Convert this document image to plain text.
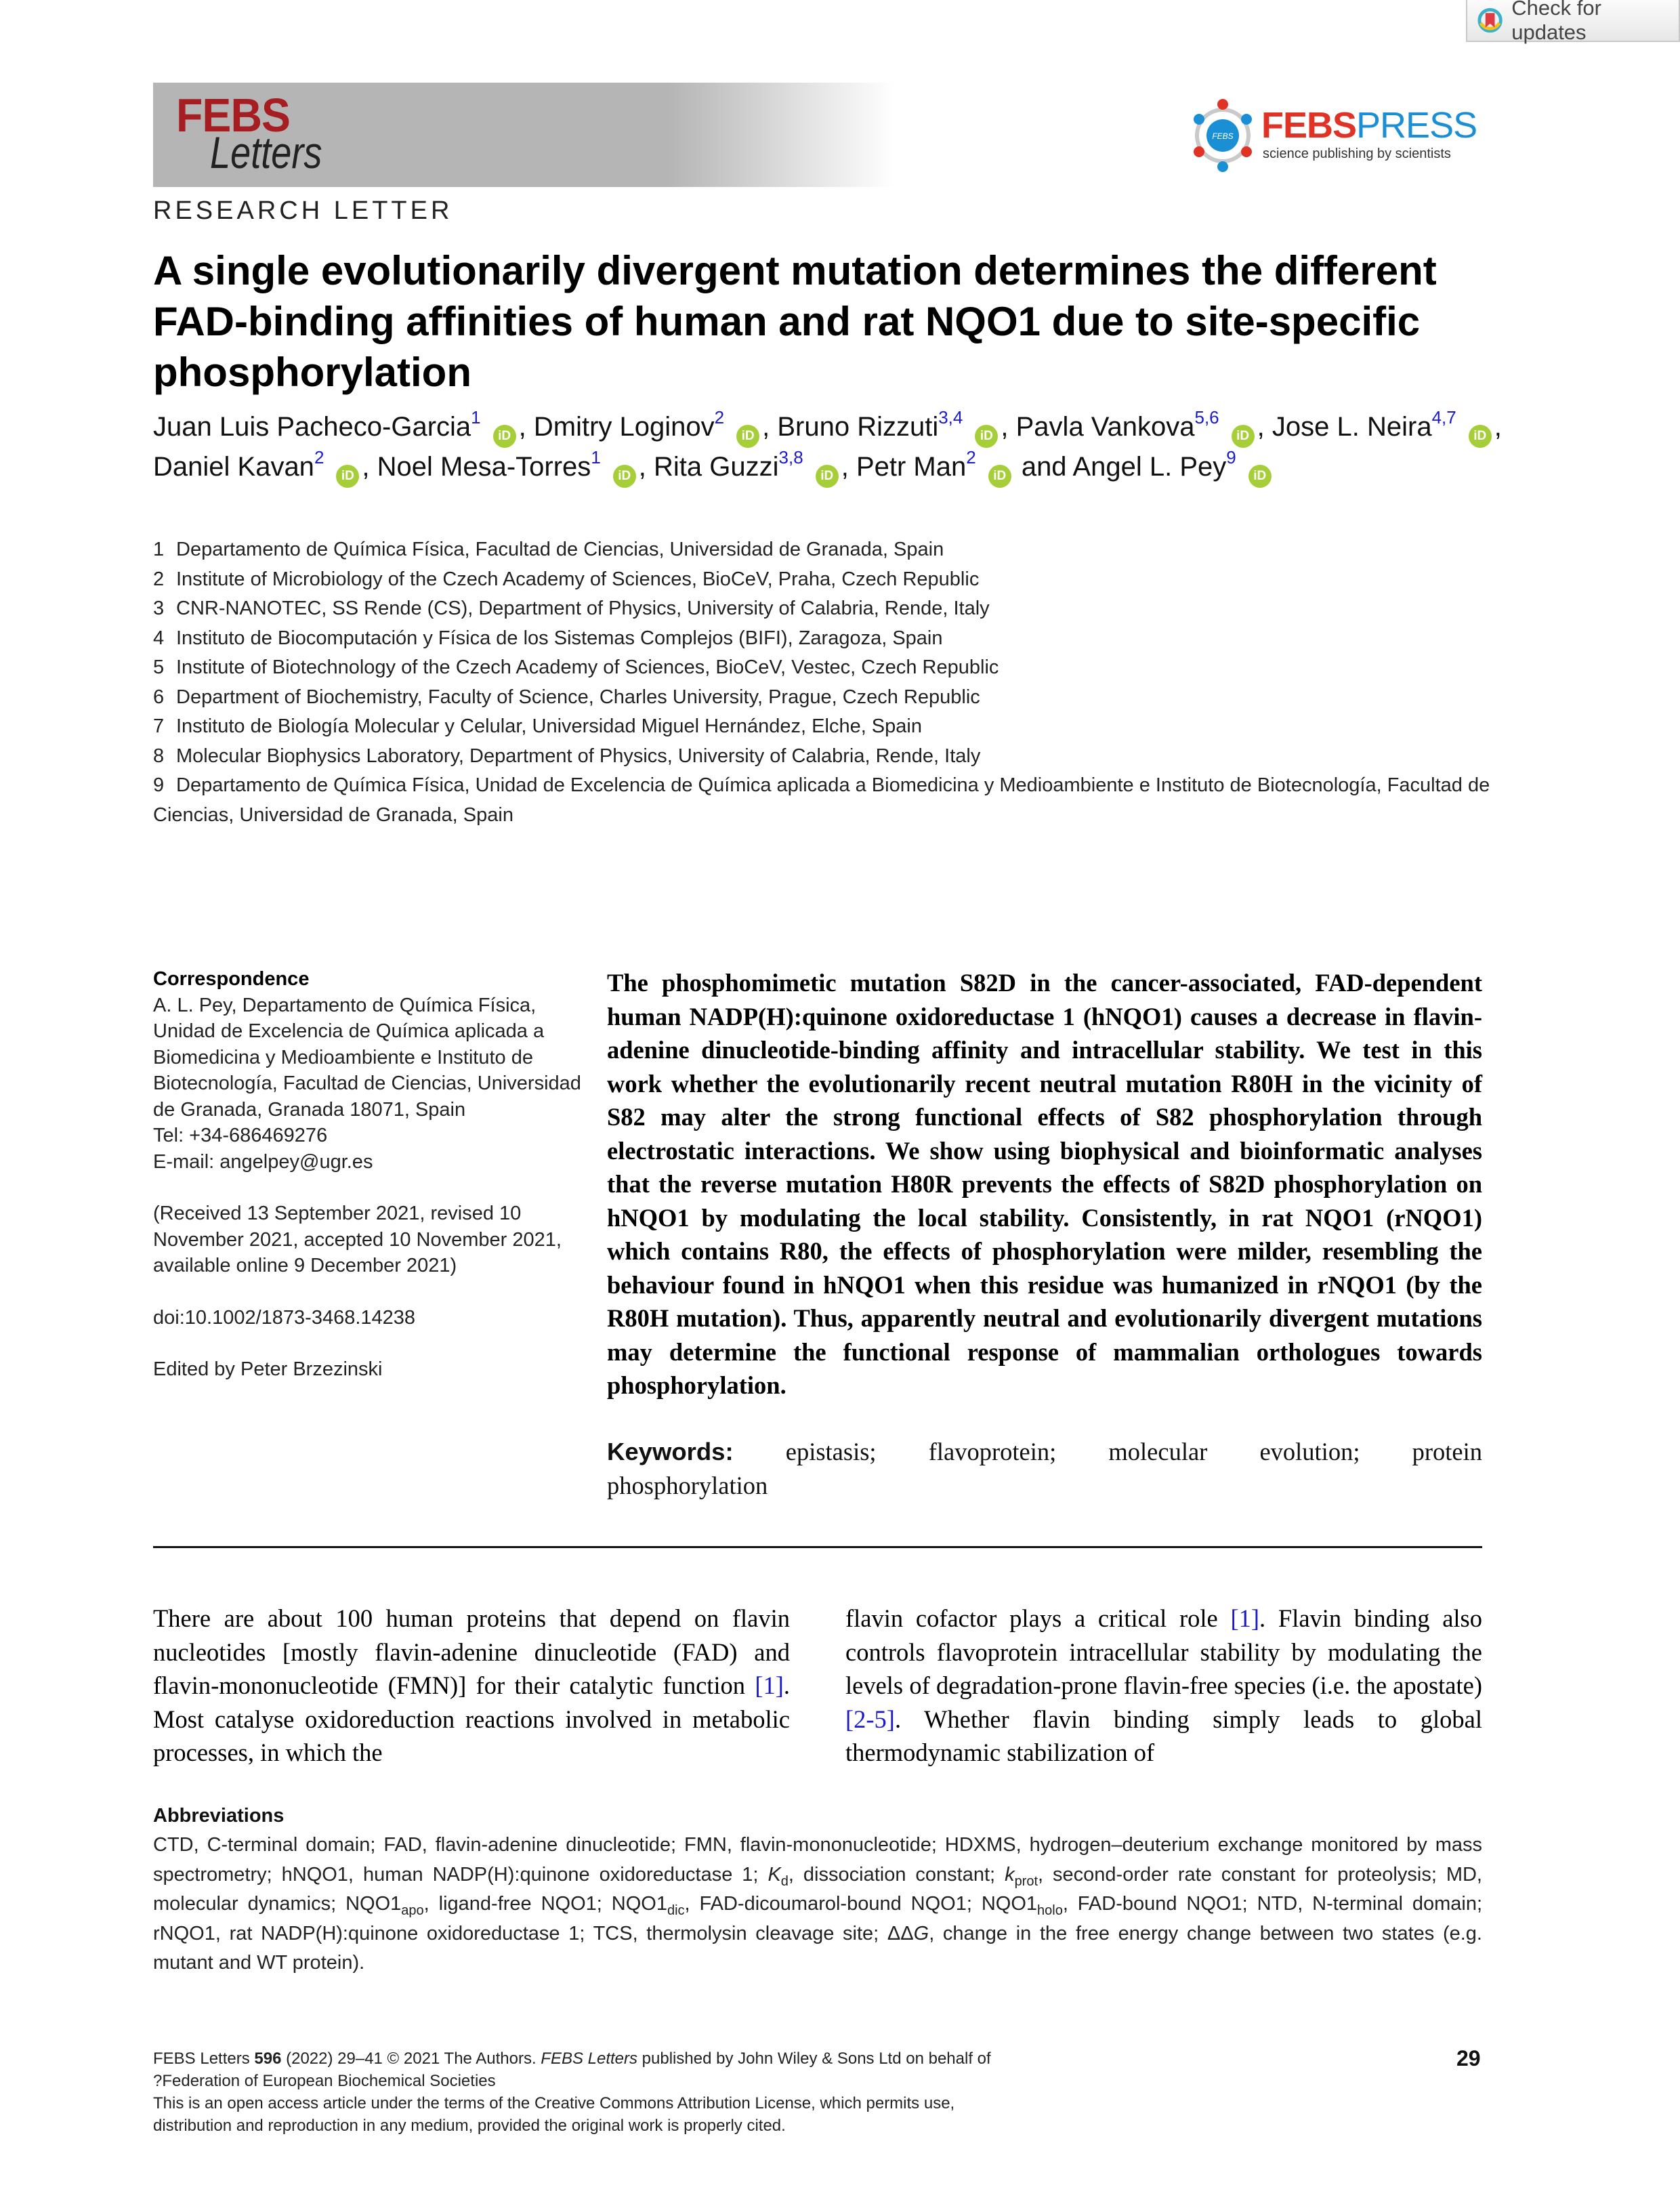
Check for updates
FEBS
Letters	FEBS FEBSPRESS
science publishing by scientists
RESEARCH LETTER
A single evolutionarily divergent mutation determines the different FAD-binding affinities of human and rat NQO1 due to site-specific phosphorylation
Juan Luis Pacheco-Garcia$^1$iD , Dmitry Loginov$^2$iD , Bruno Rizzuti$^{3,4}$iD , Pavla Vankova$^{5,6}$iD , Jose L. Neira$^{4,7}$iD , Daniel Kavan$^2$iD , Noel Mesa-Torres$^1$iD , Rita Guzzi$^{3,8}$iD , Petr Man$^2$iD and Angel L. Pey$^9$iD
1 Departamento de Química Física, Facultad de Ciencias, Universidad de Granada, Spain
2 Institute of Microbiology of the Czech Academy of Sciences, BioCeV, Praha, Czech Republic
3 CNR-NANOTEC, SS Rende (CS), Department of Physics, University of Calabria, Rende, Italy
4 Instituto de Biocomputación y Física de los Sistemas Complejos (BIFI), Zaragoza, Spain
5 Institute of Biotechnology of the Czech Academy of Sciences, BioCeV, Vestec, Czech Republic
6 Department of Biochemistry, Faculty of Science, Charles University, Prague, Czech Republic
7 Instituto de Biología Molecular y Celular, Universidad Miguel Hernández, Elche, Spain
8 Molecular Biophysics Laboratory, Department of Physics, University of Calabria, Rende, Italy
9 Departamento de Química Física, Unidad de Excelencia de Química aplicada a Biomedicina y Medioambiente e Instituto de Biotecnología, Facultad de Ciencias, Universidad de Granada, Spain
Correspondence
A. L. Pey, Departamento de Química Física, Unidad de Excelencia de Química aplicada a Biomedicina y Medioambiente e Instituto de Biotecnología, Facultad de Ciencias, Universidad de Granada, Granada 18071, Spain
Tel: +34-686469276
E-mail: angelpey@ugr.es
(Received 13 September 2021, revised 10 November 2021, accepted 10 November 2021, available online 9 December 2021)
doi:10.1002/1873-3468.14238
Edited by Peter Brzezinski

The phosphomimetic mutation S82D in the cancer-associated, FAD-dependent human NADP(H):quinone oxidoreductase 1 (hNQO1) causes a decrease in flavin-adenine dinucleotide-binding affinity and intracellular stability. We test in this work whether the evolutionarily recent neutral mutation R80H in the vicinity of S82 may alter the strong functional effects of S82 phosphorylation through electrostatic interactions. We show using biophysical and bioinformatic analyses that the reverse mutation H80R prevents the effects of S82D phosphorylation on hNQO1 by modulating the local stability. Consistently, in rat NQO1 (rNQO1) which contains R80, the effects of phosphorylation were milder, resembling the behaviour found in hNQO1 when this residue was humanized in rNQO1 (by the R80H mutation). Thus, apparently neutral and evolutionarily divergent mutations may determine the functional response of mammalian orthologues towards phosphorylation.

Keywords: epistasis; flavoprotein; molecular evolution; protein phosphorylation

There are about 100 human proteins that depend on flavin nucleotides [mostly flavin-adenine dinucleotide (FAD) and flavin-mononucleotide (FMN)] for their catalytic function [1]. Most catalyse oxidoreduction reactions involved in metabolic processes, in which the

flavin cofactor plays a critical role [1]. Flavin binding also controls flavoprotein intracellular stability by modulating the levels of degradation-prone flavin-free species (i.e. the apostate) [2-5]. Whether flavin binding simply leads to global thermodynamic stabilization of

Abbreviations

CTD, C-terminal domain; FAD, flavin-adenine dinucleotide; FMN, flavin-mononucleotide; HDXMS, hydrogen–deuterium exchange monitored by mass spectrometry; hNQO1, human NADP(H):quinone oxidoreductase 1; $K_d$, dissociation constant; $k_{prot}$, second-order rate constant for proteolysis; MD, molecular dynamics; $NQO1_{apo}$, ligand-free NQO1; $NQO1_{dic}$, FAD-dicoumarol-bound NQO1; $NQO1_{holo}$, FAD-bound NQO1; NTD, N-terminal domain; rNQO1, rat NADP(H):quinone oxidoreductase 1; TCS, thermolysin cleavage site; ΔΔG, change in the free energy change between two states (e.g. mutant and WT protein).

FEBS Letters 596 (2022) 29–41 © 2021 The Authors. FEBS Letters published by John Wiley & Sons Ltd on behalf of
?Federation of European Biochemical Societies
This is an open access article under the terms of the Creative Commons Attribution License, which permits use,
distribution and reproduction in any medium, provided the original work is properly cited.
29
